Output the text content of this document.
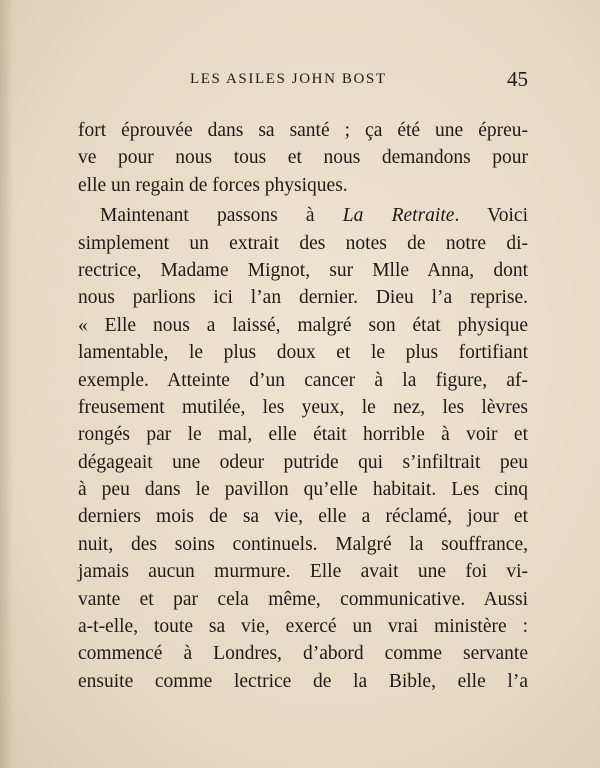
LES ASILES JOHN BOST	45
fort éprouvée dans sa santé ; ça été une épreu-
ve pour nous tous et nous demandons pour
elle un regain de forces physiques.
Maintenant passons à La Retraite. Voici
simplement un extrait des notes de notre di-
rectrice, Madame Mignot, sur Mlle Anna, dont
nous parlions ici l’an dernier. Dieu l’a reprise.
« Elle nous a laissé, malgré son état physique
lamentable, le plus doux et le plus fortifiant
exemple. Atteinte d’un cancer à la figure, af-
freusement mutilée, les yeux, le nez, les lèvres
rongés par le mal, elle était horrible à voir et
dégageait une odeur putride qui s’infiltrait peu
à peu dans le pavillon qu’elle habitait. Les cinq
derniers mois de sa vie, elle a réclamé, jour et
nuit, des soins continuels. Malgré la souffrance,
jamais aucun murmure. Elle avait une foi vi-
vante et par cela même, communicative. Aussi
a-t-elle, toute sa vie, exercé un vrai ministère :
commencé à Londres, d’abord comme servante
ensuite comme lectrice de la Bible, elle l’a
